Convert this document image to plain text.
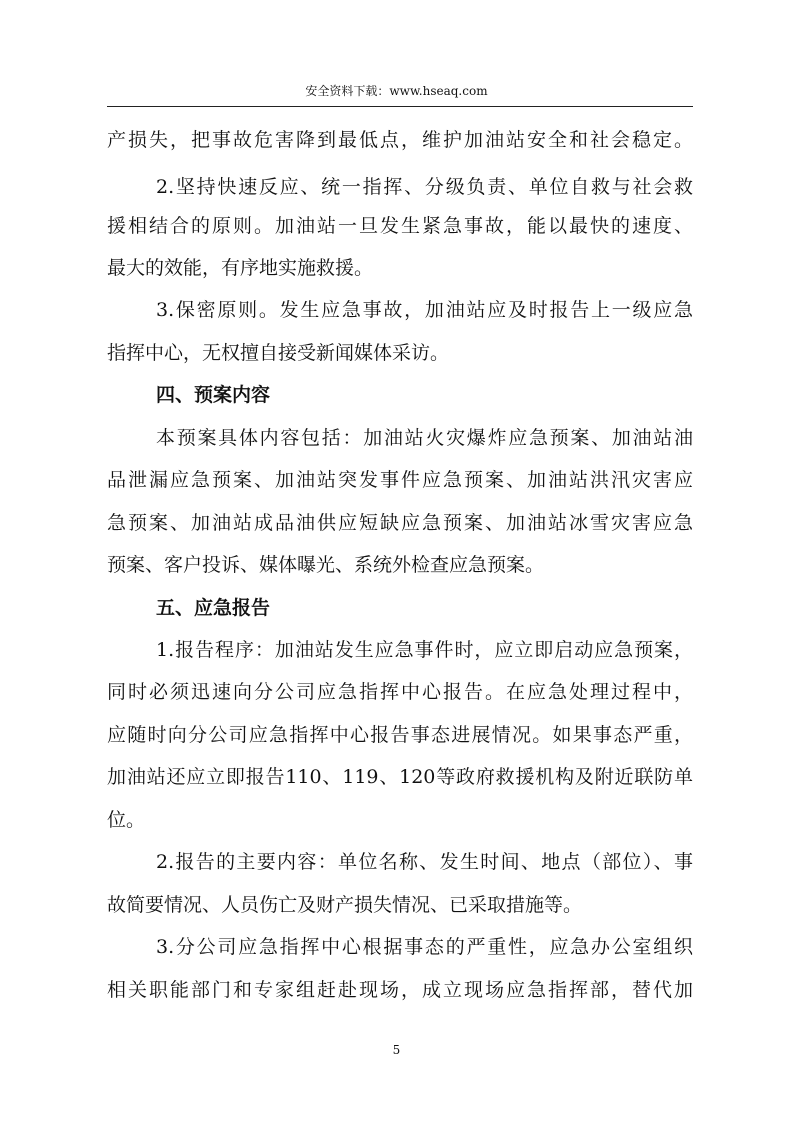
安全资料下载：www.hseaq.com
产损失，把事故危害降到最低点，维护加油站安全和社会稳定。
2.坚持快速反应、统一指挥、分级负责、单位自救与社会救
援相结合的原则。加油站一旦发生紧急事故，能以最快的速度、
最大的效能，有序地实施救援。
3.保密原则。发生应急事故，加油站应及时报告上一级应急
指挥中心，无权擅自接受新闻媒体采访。
四、预案内容
本预案具体内容包括：加油站火灾爆炸应急预案、加油站油
品泄漏应急预案、加油站突发事件应急预案、加油站洪汛灾害应
急预案、加油站成品油供应短缺应急预案、加油站冰雪灾害应急
预案、客户投诉、媒体曝光、系统外检查应急预案。
五、应急报告
1.报告程序：加油站发生应急事件时，应立即启动应急预案，
同时必须迅速向分公司应急指挥中心报告。在应急处理过程中，
应随时向分公司应急指挥中心报告事态进展情况。如果事态严重，
加油站还应立即报告110、119、120等政府救援机构及附近联防单
位。
2.报告的主要内容：单位名称、发生时间、地点（部位）、事
故简要情况、人员伤亡及财产损失情况、已采取措施等。
3.分公司应急指挥中心根据事态的严重性，应急办公室组织
相关职能部门和专家组赶赴现场，成立现场应急指挥部，替代加
5
